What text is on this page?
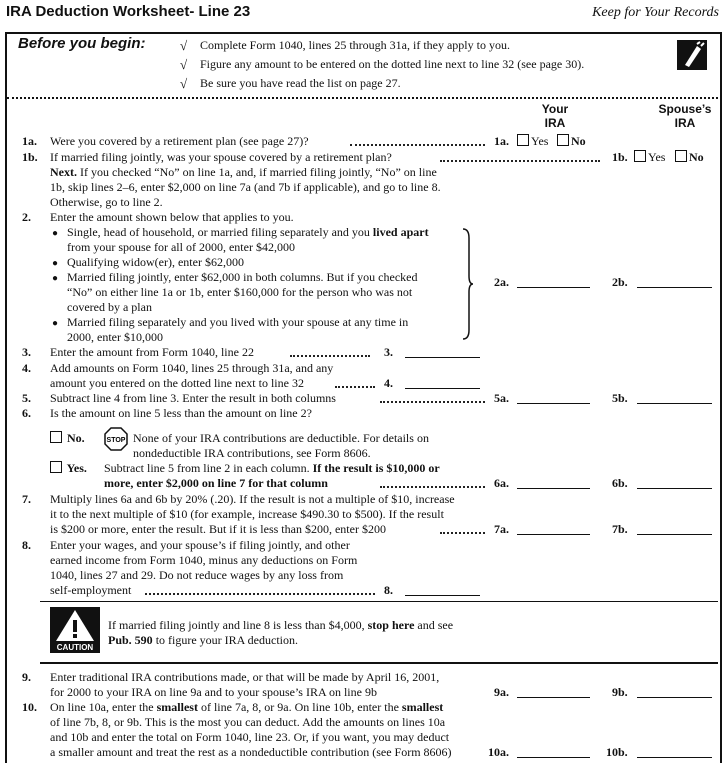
IRA Deduction Worksheet- Line 23	Keep for Your Records
Before you begin:	√ Complete Form 1040, lines 25 through 31a, if they apply to you.
√ Figure any amount to be entered on the dotted line next to line 32 (see page 30).
√ Be sure you have read the list on page 27.
Your
IRA
Spouse’s
IRA
1a. Were you covered by a retirement plan (see page 27)?	1a.	Yes	No
1b. If married filing jointly, was your spouse covered by a retirement plan?	1b.	Yes	No
Next. If you checked “No” on line 1a, and, if married filing jointly, “No” on line
1b, skip lines 2–6, enter $2,000 on line 7a (and 7b if applicable), and go to line 8.
Otherwise, go to line 2.
2. Enter the amount shown below that applies to you.
● Single, head of household, or married filing separately and you lived apart
from your spouse for all of 2000, enter $42,000
● Qualifying widow(er), enter $62,000
● Married filing jointly, enter $62,000 in both columns. But if you checked
“No” on either line 1a or 1b, enter $160,000 for the person who was not
covered by a plan
● Married filing separately and you lived with your spouse at any time in
2000, enter $10,000
2a.	2b.
3. Enter the amount from Form 1040, line 22	3.
4. Add amounts on Form 1040, lines 25 through 31a, and any
amount you entered on the dotted line next to line 32	4.
5. Subtract line 4 from line 3. Enter the result in both columns	5a.	5b.
6. Is the amount on line 5 less than the amount on line 2?
No.	STOP None of your IRA contributions are deductible. For details on
nondeductible IRA contributions, see Form 8606.
Yes. Subtract line 5 from line 2 in each column. If the result is $10,000 or
more, enter $2,000 on line 7 for that column	6a.	6b.
7. Multiply lines 6a and 6b by 20% (.20). If the result is not a multiple of $10, increase
it to the next multiple of $10 (for example, increase $490.30 to $500). If the result
is $200 or more, enter the result. But if it is less than $200, enter $200	7a.	7b.
8. Enter your wages, and your spouse’s if filing jointly, and other
earned income from Form 1040, minus any deductions on Form
1040, lines 27 and 29. Do not reduce wages by any loss from
self-employment	8.
CAUTION
If married filing jointly and line 8 is less than $4,000, stop here and see
Pub. 590 to figure your IRA deduction.
9. Enter traditional IRA contributions made, or that will be made by April 16, 2001,
for 2000 to your IRA on line 9a and to your spouse’s IRA on line 9b	9a.	9b.
10. On line 10a, enter the smallest of line 7a, 8, or 9a. On line 10b, enter the smallest
of line 7b, 8, or 9b. This is the most you can deduct. Add the amounts on lines 10a
and 10b and enter the total on Form 1040, line 23. Or, if you want, you may deduct
a smaller amount and treat the rest as a nondeductible contribution (see Form 8606)	10a.	10b.
